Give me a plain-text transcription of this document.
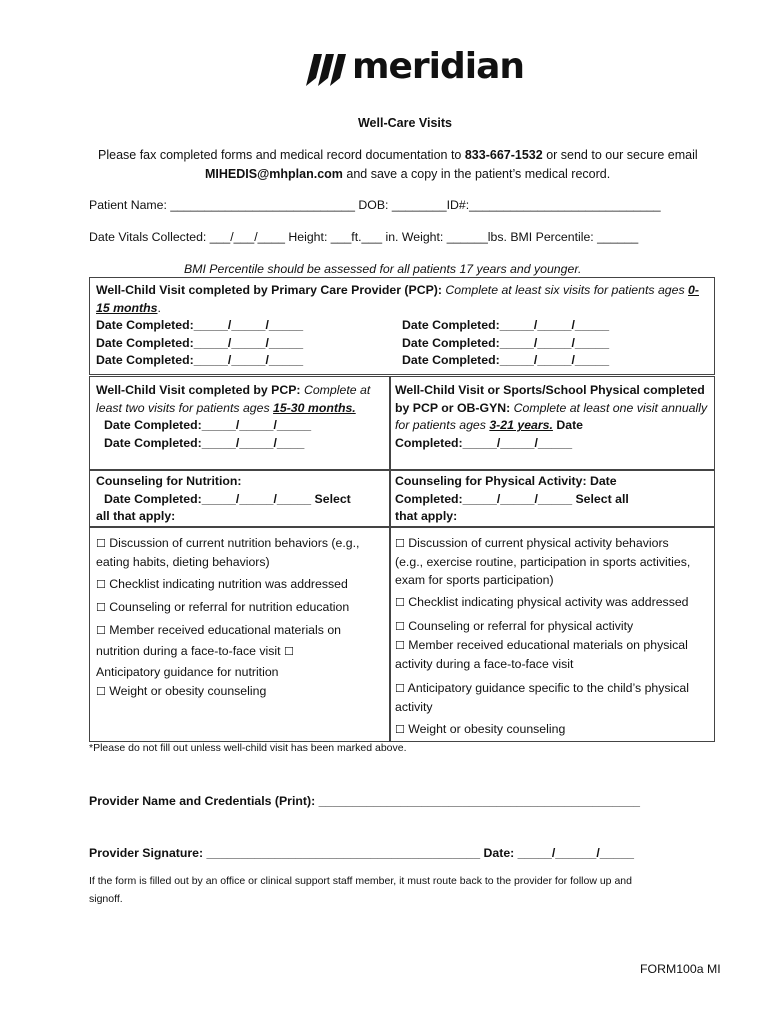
meridian
Well-Care Visits
Please fax completed forms and medical record documentation to 833-667-1532 or send to our secure email
MIHEDIS@mhplan.com and save a copy in the patient’s medical record.
Patient Name: ___________________________ DOB: ________ID#:____________________________
Date Vitals Collected: ___/___/____ Height: ___ft.___ in. Weight: ______lbs. BMI Percentile: ______
BMI Percentile should be assessed for all patients 17 years and younger.
Well-Child Visit completed by Primary Care Provider (PCP): Complete at least six visits for patients ages 0-
15 months.
Date Completed:_____/_____/_____
Date Completed:_____/_____/_____
Date Completed:_____/_____/_____
Date Completed:_____/_____/_____
Date Completed:_____/_____/_____
Date Completed:_____/_____/_____
Well-Child Visit completed by PCP: Complete at
least two visits for patients ages 15-30 months.
Date Completed:_____/_____/_____
Date Completed:_____/_____/____
Well-Child Visit or Sports/School Physical completed
by PCP or OB-GYN: Complete at least one visit annually
for patients ages 3-21 years. Date
Completed:_____/_____/_____
Counseling for Nutrition:
Date Completed:_____/_____/_____ Select
all that apply:
Counseling for Physical Activity: Date
Completed:_____/_____/_____ Select all
that apply:
☐ Discussion of current nutrition behaviors (e.g.,
eating habits, dieting behaviors)
☐ Checklist indicating nutrition was addressed
☐ Counseling or referral for nutrition education
☐ Member received educational materials on
nutrition during a face-to-face visit ☐
Anticipatory guidance for nutrition
☐ Weight or obesity counseling
☐ Discussion of current physical activity behaviors
(e.g., exercise routine, participation in sports activities,
exam for sports participation)
☐ Checklist indicating physical activity was addressed
☐ Counseling or referral for physical activity
☐ Member received educational materials on physical
activity during a face-to-face visit
☐ Anticipatory guidance specific to the child’s physical
activity
☐ Weight or obesity counseling
*Please do not fill out unless well-child visit has been marked above.
Provider Name and Credentials (Print): _______________________________________________
Provider Signature: ________________________________________ Date: _____/______/_____
If the form is filled out by an office or clinical support staff member, it must route back to the provider for follow up and
signoff.
FORM100a MI
